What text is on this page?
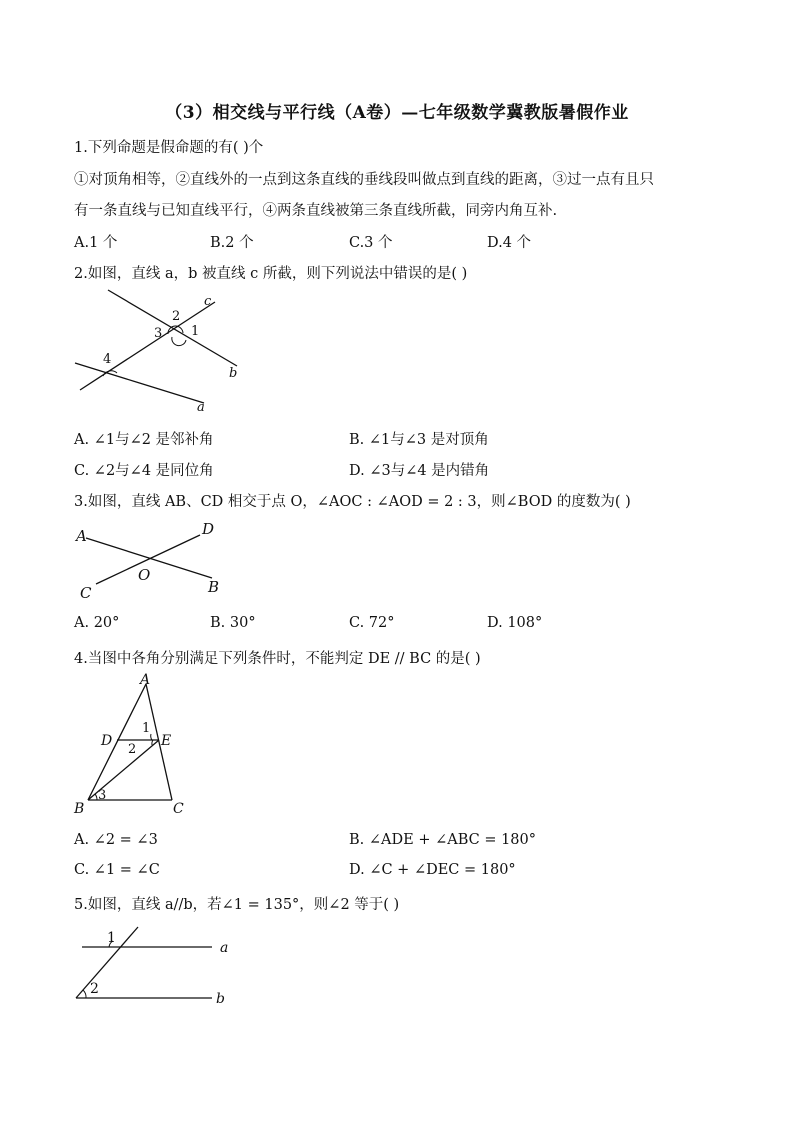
（3）相交线与平行线（A卷）—七年级数学冀教版暑假作业
1.下列命题是假命题的有( )个
①对顶角相等，②直线外的一点到这条直线的垂线段叫做点到直线的距离，③过一点有且只
有一条直线与已知直线平行，④两条直线被第三条直线所截，同旁内角互补.
A.1 个	B.2 个	C.3 个	D.4 个
2.如图，直线 a，b 被直线 c 所截，则下列说法中错误的是( )
c
2
3 1
4
b
a
A. ∠1与∠2 是邻补角	B. ∠1与∠3 是对顶角
C. ∠2与∠4 是同位角	D. ∠3与∠4 是内错角
3.如图，直线 AB、CD 相交于点 O，∠AOC : ∠AOD = 2 : 3，则∠BOD 的度数为( )
A	D
O
C	B
A. 20°	B. 30°	C. 72°	D. 108°
4.当图中各角分别满足下列条件时，不能判定 DE // BC 的是( )
A
1
D	E
2
B
3
C
A. ∠2 = ∠3	B. ∠ADE + ∠ABC = 180°
C. ∠1 = ∠C	D. ∠C + ∠DEC = 180°
5.如图，直线 a//b，若∠1 = 135°，则∠2 等于( )
1
a
2
b
